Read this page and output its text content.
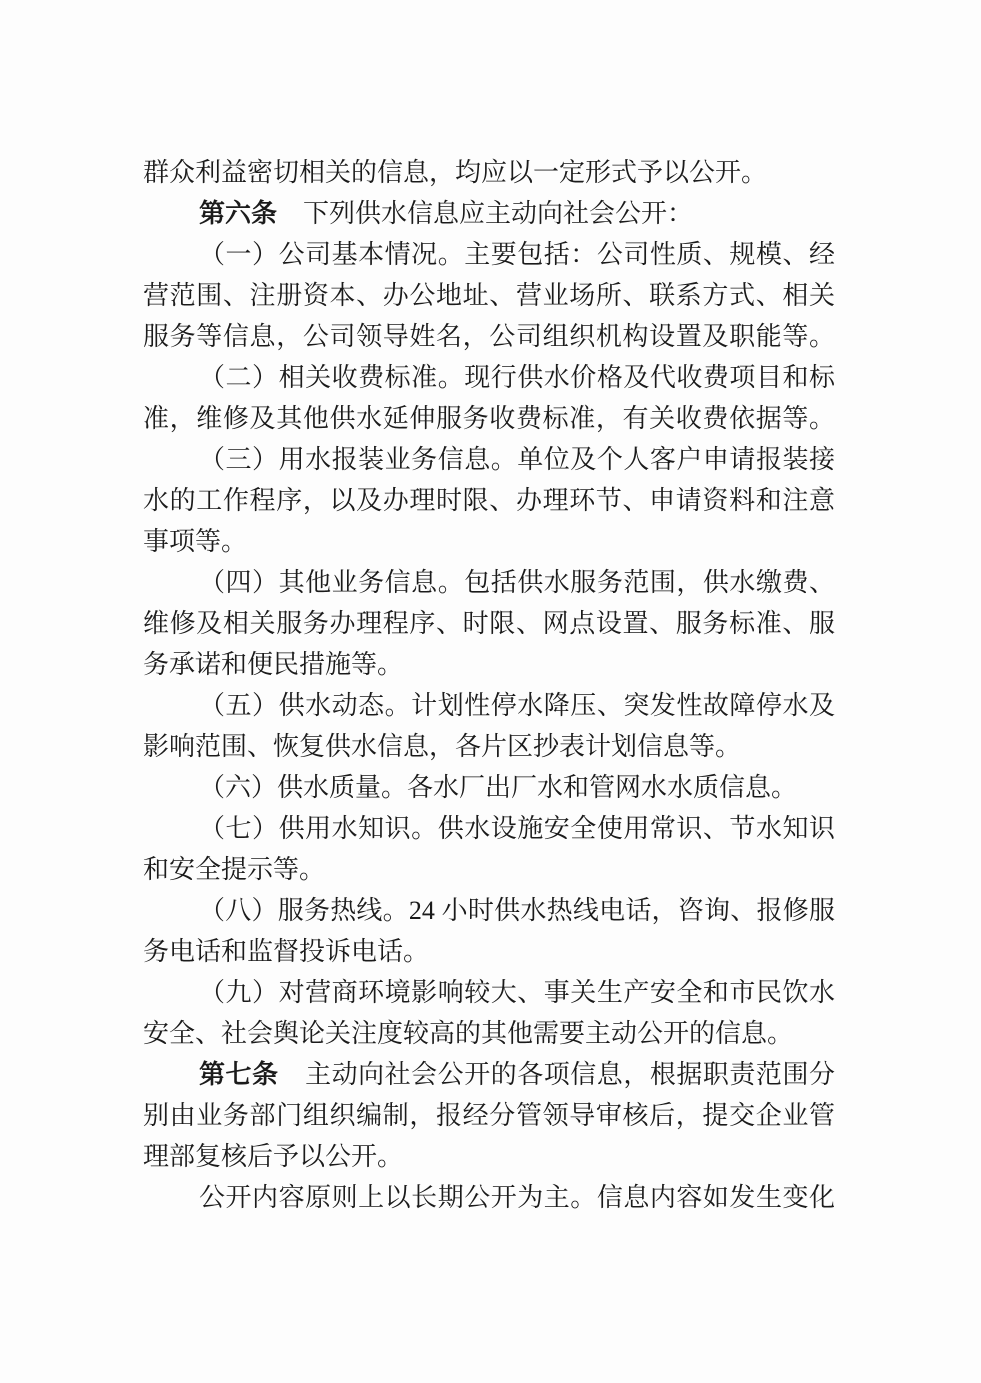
群众利益密切相关的信息，均应以一定形式予以公开。
第六条　下列供水信息应主动向社会公开：
（一）公司基本情况。主要包括：公司性质、规模、经
营范围、注册资本、办公地址、营业场所、联系方式、相关
服务等信息，公司领导姓名，公司组织机构设置及职能等。
（二）相关收费标准。现行供水价格及代收费项目和标
准，维修及其他供水延伸服务收费标准，有关收费依据等。
（三）用水报装业务信息。单位及个人客户申请报装接
水的工作程序，以及办理时限、办理环节、申请资料和注意
事项等。
（四）其他业务信息。包括供水服务范围，供水缴费、
维修及相关服务办理程序、时限、网点设置、服务标准、服
务承诺和便民措施等。
（五）供水动态。计划性停水降压、突发性故障停水及
影响范围、恢复供水信息，各片区抄表计划信息等。
（六）供水质量。各水厂出厂水和管网水水质信息。
（七）供用水知识。供水设施安全使用常识、节水知识
和安全提示等。
（八）服务热线。24 小时供水热线电话，咨询、报修服
务电话和监督投诉电话。
（九）对营商环境影响较大、事关生产安全和市民饮水
安全、社会舆论关注度较高的其他需要主动公开的信息。
第七条　主动向社会公开的各项信息，根据职责范围分
别由业务部门组织编制，报经分管领导审核后，提交企业管
理部复核后予以公开。
公开内容原则上以长期公开为主。信息内容如发生变化
